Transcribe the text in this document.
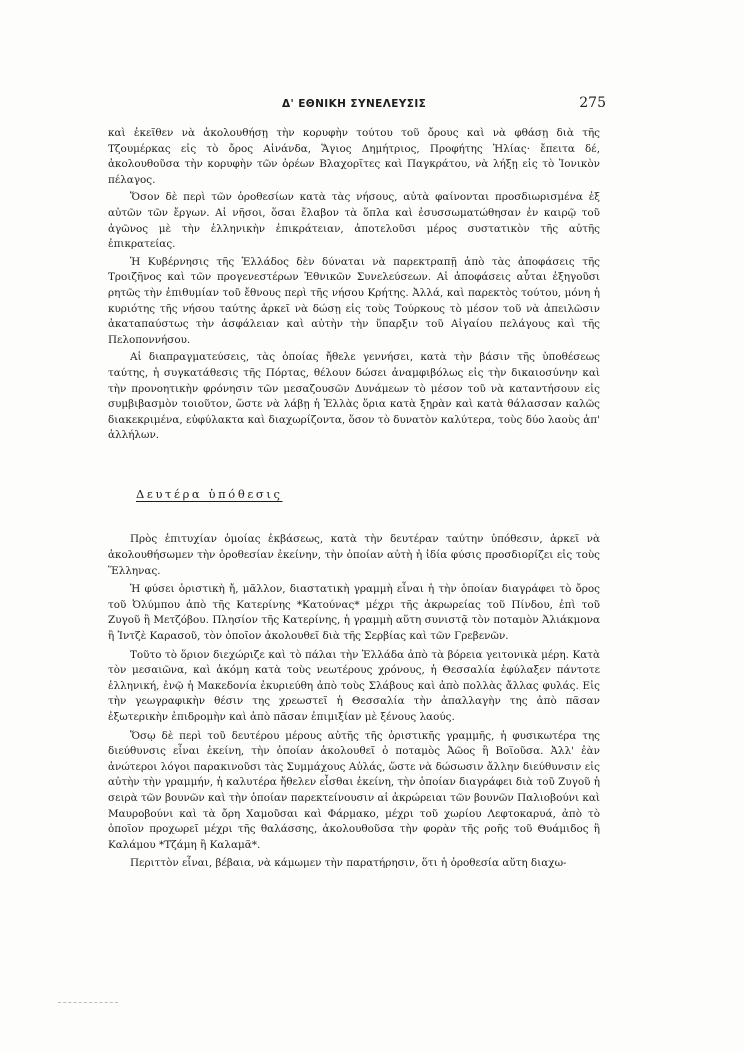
Δ' ΕΘΝΙΚΗ ΣΥΝΕΛΕΥΣΙΣ	275

καὶ ἐκεῖθεν νὰ ἀκολουθήσῃ τὴν κορυφὴν τούτου τοῦ ὄρους καὶ νὰ φθάσῃ διὰ τῆς Τζουμέρκας εἰς τὸ ὄρος Αἰνάνδα, Ἅγιος Δημήτριος, Προφήτης Ἠλίας· ἔπειτα δέ, ἀκολουθοῦσα τὴν κορυφὴν τῶν ὀρέων Βλαχορῖτες καὶ Παγκράτου, νὰ λήξῃ εἰς τὸ Ἰονικὸν πέλαγος.

Ὅσον δὲ περὶ τῶν ὁροθεσίων κατὰ τὰς νήσους, αὐτὰ φαίνονται προσδιωρισμένα ἐξ αὐτῶν τῶν ἔργων. Αἱ νῆσοι, ὅσαι ἔλαβον τὰ ὅπλα καὶ ἐσυσσωματώθησαν ἐν καιρῷ τοῦ ἀγῶνος μὲ τὴν ἑλληνικὴν ἐπικράτειαν, ἀποτελοῦσι μέρος συστατικὸν τῆς αὐτῆς ἐπικρατείας.

Ἡ Κυβέρνησις τῆς Ἑλλάδος δὲν δύναται νὰ παρεκτραπῇ ἀπὸ τὰς ἀποφάσεις τῆς Τροιζῆνος καὶ τῶν προγενεστέρων Ἐθνικῶν Συνελεύσεων. Αἱ ἀποφάσεις αὗται ἐξηγοῦσι ρητῶς τὴν ἐπιθυμίαν τοῦ ἔθνους περὶ τῆς νήσου Κρήτης. Ἀλλά, καὶ παρεκτὸς τούτου, μόνη ἡ κυριότης τῆς νήσου ταύτης ἀρκεῖ νὰ δώσῃ εἰς τοὺς Τούρκους τὸ μέσον τοῦ νὰ ἀπειλῶσιν ἀκαταπαύστως τὴν ἀσφάλειαν καὶ αὐτὴν τὴν ὕπαρξιν τοῦ Αἰγαίου πελάγους καὶ τῆς Πελοποννήσου.

Αἱ διαπραγματεύσεις, τὰς ὁποίας ἤθελε γεννήσει, κατὰ τὴν βάσιν τῆς ὑποθέσεως ταύτης, ἡ συγκατάθεσις τῆς Πόρτας, θέλουν δώσει ἀναμφιβόλως εἰς τὴν δικαιοσύνην καὶ τὴν προνοητικὴν φρόνησιν τῶν μεσαζουσῶν Δυνάμεων τὸ μέσον τοῦ νὰ καταντήσουν εἰς συμβιβασμὸν τοιοῦτον, ὥστε νὰ λάβῃ ἡ Ἑλλὰς ὅρια κατὰ ξηρὰν καὶ κατὰ θάλασσαν καλῶς διακεκριμένα, εὐφύλακτα καὶ διαχωρίζοντα, ὅσον τὸ δυνατὸν καλύτερα, τοὺς δύο λαοὺς ἀπ' ἀλλήλων.

Δευτέρα ὑπόθεσις

Πρὸς ἐπιτυχίαν ὁμοίας ἐκβάσεως, κατὰ τὴν δευτέραν ταύτην ὑπόθεσιν, ἀρκεῖ νὰ ἀκολουθήσωμεν τὴν ὁροθεσίαν ἐκείνην, τὴν ὁποίαν αὐτὴ ἡ ἰδία φύσις προσδιορίζει εἰς τοὺς Ἕλληνας.

Ἡ φύσει ὁριστικὴ ἤ, μᾶλλον, διαστατικὴ γραμμὴ εἶναι ἡ τὴν ὁποίαν διαγράφει τὸ ὄρος τοῦ Ὀλύμπου ἀπὸ τῆς Κατερίνης *Κατούνας* μέχρι τῆς ἀκρωρείας τοῦ Πίνδου, ἐπὶ τοῦ Ζυγοῦ ἢ Μετζόβου. Πλησίον τῆς Κατερίνης, ἡ γραμμὴ αὕτη συνιστᾷ τὸν ποταμὸν Ἀλιάκμονα ἢ Ἰντζὲ Καρασοῦ, τὸν ὁποῖον ἀκολουθεῖ διὰ τῆς Σερβίας καὶ τῶν Γρεβενῶν.

Τοῦτο τὸ ὅριον διεχώριζε καὶ τὸ πάλαι τὴν Ἑλλάδα ἀπὸ τὰ βόρεια γειτονικὰ μέρη. Κατὰ τὸν μεσαιῶνα, καὶ ἀκόμη κατὰ τοὺς νεωτέρους χρόνους, ἡ Θεσσαλία ἐφύλαξεν πάντοτε ἑλληνική, ἐνῷ ἡ Μακεδονία ἐκυριεύθη ἀπὸ τοὺς Σλάβους καὶ ἀπὸ πολλὰς ἄλλας φυλάς. Εἰς τὴν γεωγραφικὴν θέσιν της χρεωστεῖ ἡ Θεσσαλία τὴν ἀπαλλαγὴν της ἀπὸ πᾶσαν ἐξωτερικὴν ἐπιδρομὴν καὶ ἀπὸ πᾶσαν ἐπιμιξίαν μὲ ξένους λαούς.

Ὅσῳ δὲ περὶ τοῦ δευτέρου μέρους αὐτῆς τῆς ὁριστικῆς γραμμῆς, ἡ φυσικωτέρα της διεύθυνσις εἶναι ἐκείνη, τὴν ὁποίαν ἀκολουθεῖ ὁ ποταμὸς Ἀῶος ἢ Βοϊοῦσα. Ἀλλ' ἐὰν ἀνώτεροι λόγοι παρακινοῦσι τὰς Συμμάχους Αὐλάς, ὥστε νὰ δώσωσιν ἄλλην διεύθυνσιν εἰς αὐτὴν τὴν γραμμήν, ἡ καλυτέρα ἤθελεν εἶσθαι ἐκείνη, τὴν ὁποίαν διαγράφει διὰ τοῦ Ζυγοῦ ἡ σειρὰ τῶν βουνῶν καὶ τὴν ὁποίαν παρεκτείνουσιν αἱ ἀκρώρειαι τῶν βουνῶν Παλιοβούνι καὶ Μαυροβούνι καὶ τὰ ὄρη Χαμοῦσαι καὶ Φάρμακο, μέχρι τοῦ χωρίου Λεφτοκαρυά, ἀπὸ τὸ ὁποῖον προχωρεῖ μέχρι τῆς θαλάσσης, ἀκολουθοῦσα τὴν φορὰν τῆς ροῆς τοῦ Θυάμιδος ἢ Καλάμου *Τζάμη ἢ Καλαμᾶ*.

Περιττὸν εἶναι, βέβαια, νὰ κάμωμεν τὴν παρατήρησιν, ὅτι ἡ ὁροθεσία αὕτη διαχω-
